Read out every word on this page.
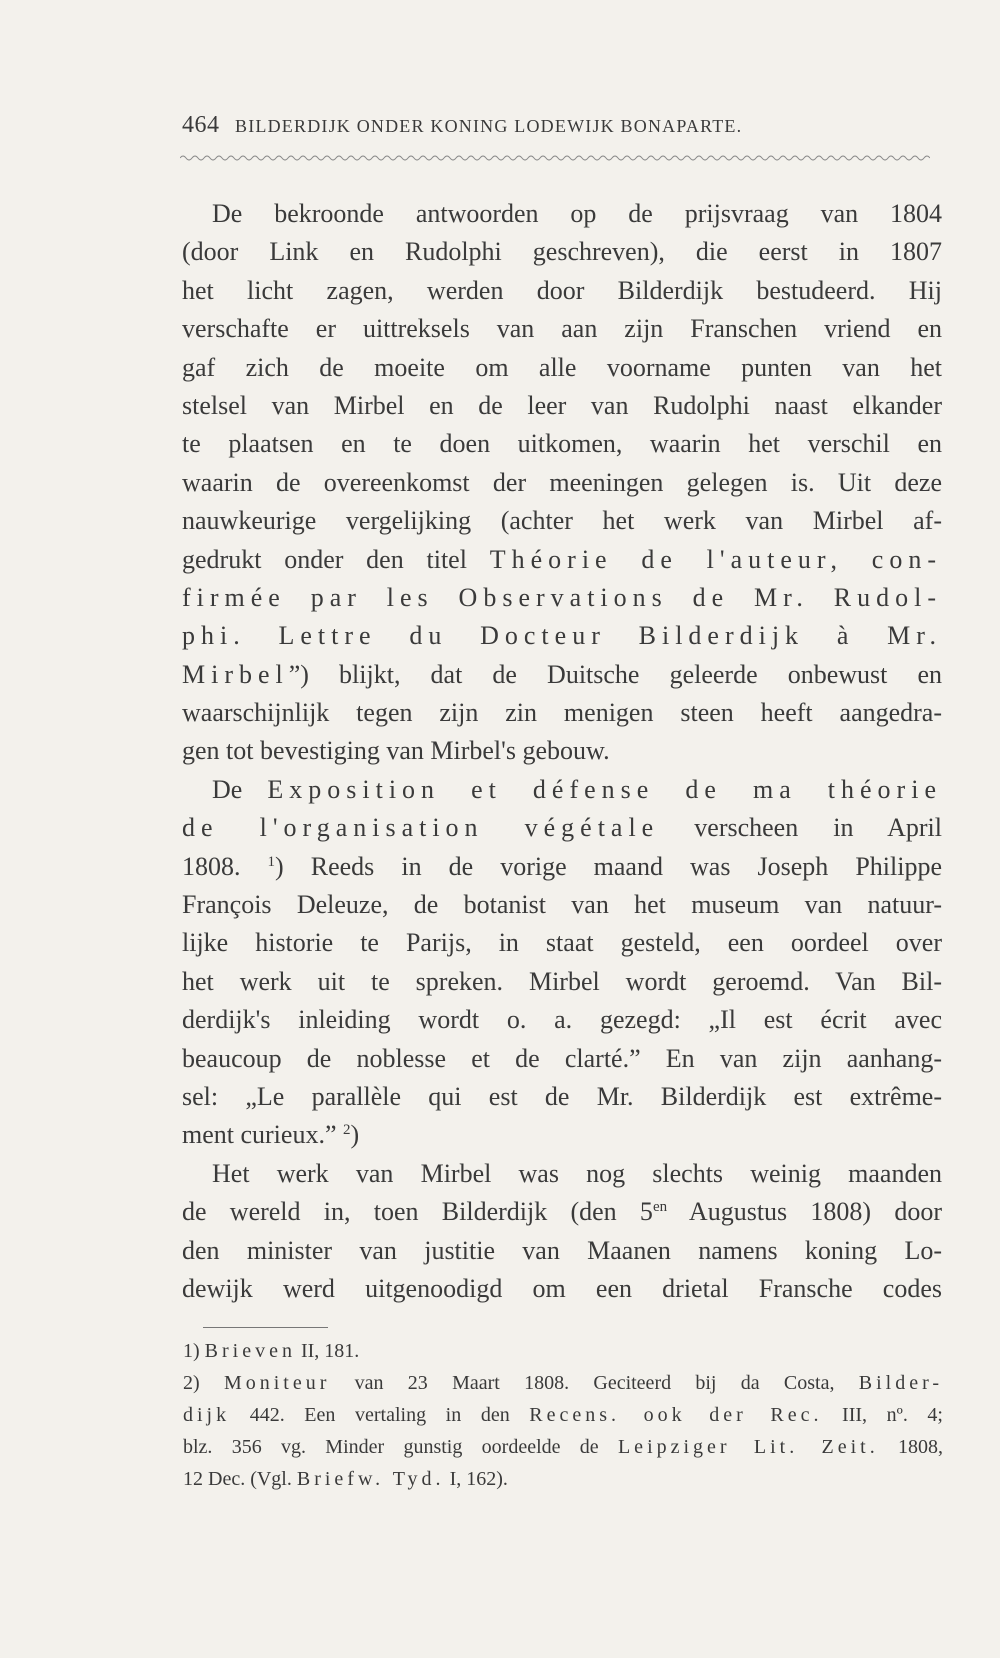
464 BILDERDIJK ONDER KONING LODEWIJK BONAPARTE.
De bekroonde antwoorden op de prijsvraag van 1804
(door Link en Rudolphi geschreven), die eerst in 1807
het licht zagen, werden door Bilderdijk bestudeerd. Hij
verschafte er uittreksels van aan zijn Franschen vriend en
gaf zich de moeite om alle voorname punten van het
stelsel van Mirbel en de leer van Rudolphi naast elkander
te plaatsen en te doen uitkomen, waarin het verschil en
waarin de overeenkomst der meeningen gelegen is. Uit deze
nauwkeurige vergelijking (achter het werk van Mirbel af-
gedrukt onder den titel Théorie de l'auteur, con-
firmée par les Observations de Mr. Rudol-
phi. Lettre du Docteur Bilderdijk à Mr.
Mirbel”) blijkt, dat de Duitsche geleerde onbewust en
waarschijnlijk tegen zijn zin menigen steen heeft aangedra-
gen tot bevestiging van Mirbel's gebouw.
De Exposition et défense de ma théorie
de l'organisation végétale verscheen in April
1808. $^1$) Reeds in de vorige maand was Joseph Philippe
François Deleuze, de botanist van het museum van natuur-
lijke historie te Parijs, in staat gesteld, een oordeel over
het werk uit te spreken. Mirbel wordt geroemd. Van Bil-
derdijk's inleiding wordt o. a. gezegd: „Il est écrit avec
beaucoup de noblesse et de clarté.” En van zijn aanhang-
sel: „Le parallèle qui est de Mr. Bilderdijk est extrême-
ment curieux.” $^2$)
Het werk van Mirbel was nog slechts weinig maanden
de wereld in, toen Bilderdijk (den $5^{en}$ Augustus 1808) door
den minister van justitie van Maanen namens koning Lo-
dewijk werd uitgenoodigd om een drietal Fransche codes
1) Brieven II, 181.
2) Moniteur van 23 Maart 1808. Geciteerd bij da Costa, Bilder-
dijk 442. Een vertaling in den Recens. ook der Rec. III, nº. 4;
blz. 356 vg. Minder gunstig oordeelde de Leipziger Lit. Zeit. 1808,
12 Dec. (Vgl. Briefw. Tyd. I, 162).
